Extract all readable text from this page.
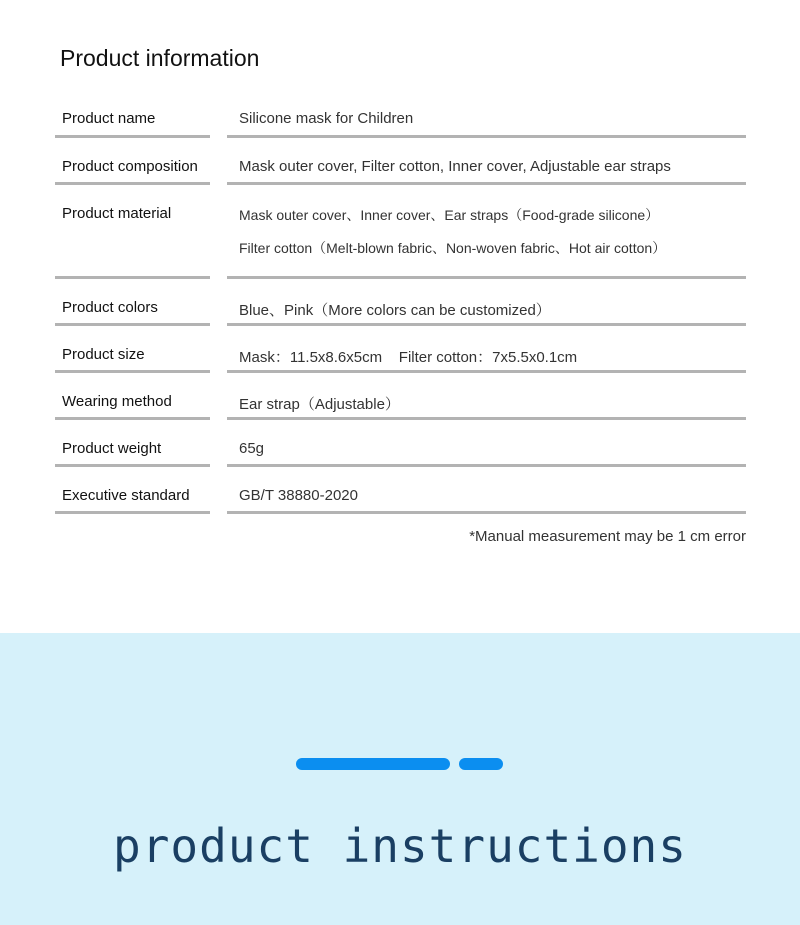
Product information
Product name	Silicone mask for Children
Product composition	Mask outer cover, Filter cotton, Inner cover, Adjustable ear straps
Product material	Mask outer cover、Inner cover、Ear straps（Food-grade silicone）
Filter cotton（Melt-blown fabric、Non-woven fabric、Hot air cotton）
Product colors	Blue、Pink（More colors can be customized）
Product size	Mask：11.5x8.6x5cm    Filter cotton：7x5.5x0.1cm
Wearing method	Ear strap（Adjustable）
Product weight	65g
Executive standard	GB/T 38880-2020
*Manual measurement may be 1 cm error
product instructions
